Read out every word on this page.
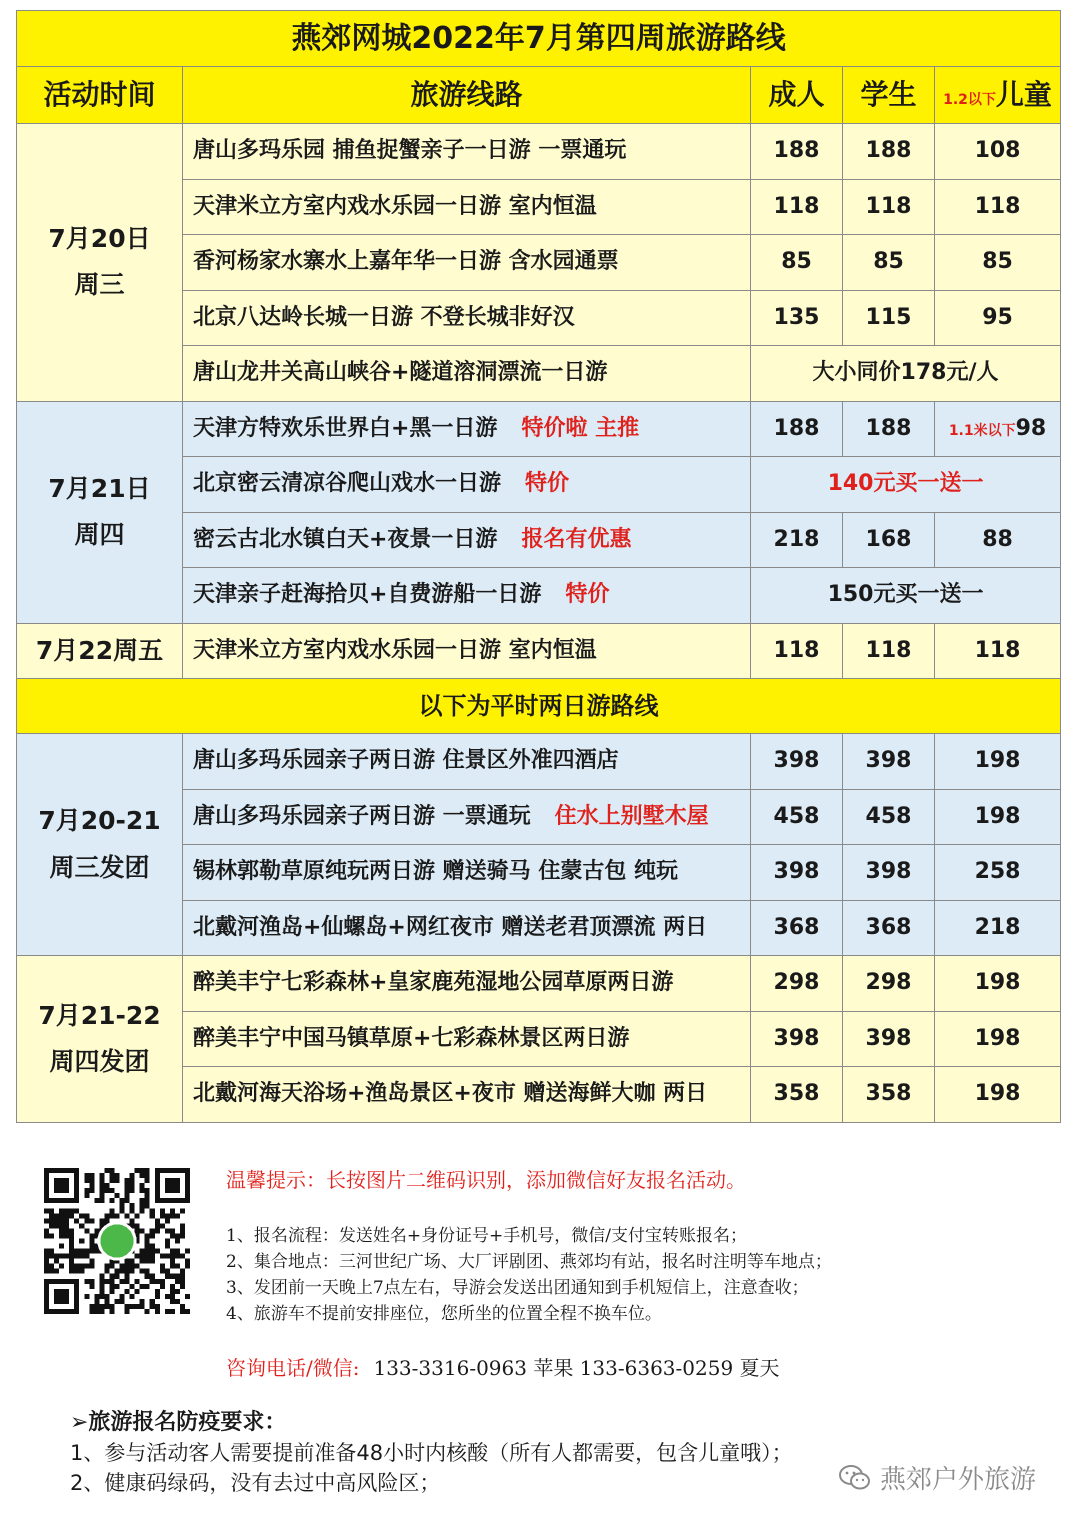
燕郊网城2022年7月第四周旅游路线				
活动时间	旅游线路	成人	学生	1.2以下儿童
7月20日
周三	唐山多玛乐园 捕鱼捉蟹亲子一日游 一票通玩	188	188	108
	天津米立方室内戏水乐园一日游 室内恒温	118	118	118
	香河杨家水寨水上嘉年华一日游 含水园通票	85	85	85
	北京八达岭长城一日游 不登长城非好汉	135	115	95
	唐山龙井关高山峡谷+隧道溶洞漂流一日游	大小同价178元/人		
7月21日
周四	天津方特欢乐世界白+黑一日游 特价啦 主推	188	188	1.1米以下98
	北京密云清凉谷爬山戏水一日游 特价	140元买一送一		
	密云古北水镇白天+夜景一日游 报名有优惠	218	168	88
	天津亲子赶海拾贝+自费游船一日游 特价	150元买一送一		
7月22周五	天津米立方室内戏水乐园一日游 室内恒温	118	118	118
以下为平时两日游路线				
7月20-21
周三发团	唐山多玛乐园亲子两日游 住景区外准四酒店	398	398	198
	唐山多玛乐园亲子两日游 一票通玩 住水上别墅木屋	458	458	198
	锡林郭勒草原纯玩两日游 赠送骑马 住蒙古包 纯玩	398	398	258
	北戴河渔岛+仙螺岛+网红夜市 赠送老君顶漂流 两日	368	368	218
7月21-22
周四发团	醉美丰宁七彩森林+皇家鹿苑湿地公园草原两日游	298	298	198
	醉美丰宁中国马镇草原+七彩森林景区两日游	398	398	198
	北戴河海天浴场+渔岛景区+夜市 赠送海鲜大咖 两日	358	358	198
温馨提示：长按图片二维码识别，添加微信好友报名活动。
1、报名流程：发送姓名+身份证号+手机号，微信/支付宝转账报名；
2、集合地点：三河世纪广场、大厂评剧团、燕郊均有站，报名时注明等车地点；
3、发团前一天晚上7点左右，导游会发送出团通知到手机短信上，注意查收；
4、旅游车不提前安排座位，您所坐的位置全程不换车位。
咨询电话/微信: 133-3316-0963 苹果 133-6363-0259 夏天
➢旅游报名防疫要求：
1、参与活动客人需要提前准备48小时内核酸（所有人都需要，包含儿童哦）；
2、健康码绿码，没有去过中高风险区；	燕郊户外旅游
